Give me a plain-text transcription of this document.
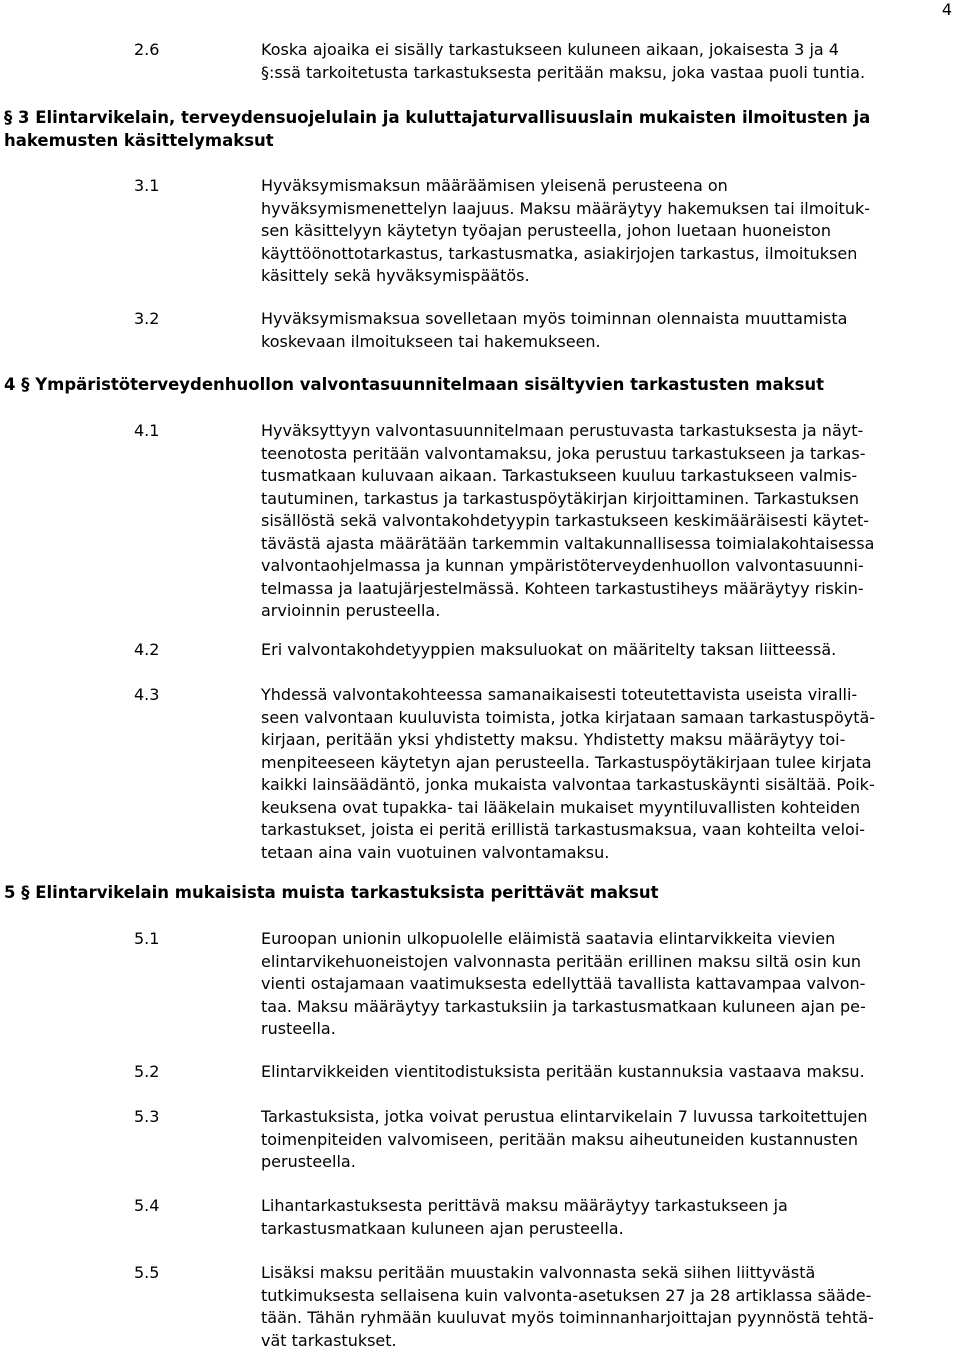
4
2.6	Koska ajoaika ei sisälly tarkastukseen kuluneen aikaan, jokaisesta 3 ja 4
§:ssä tarkoitetusta tarkastuksesta peritään maksu, joka vastaa puoli tuntia.
§ 3 Elintarvikelain, terveydensuojelulain ja kuluttajaturvallisuuslain mukaisten ilmoitusten ja
hakemusten käsittelymaksut
3.1	Hyväksymismaksun määräämisen yleisenä perusteena on
hyväksymismenettelyn laajuus. Maksu määräytyy hakemuksen tai ilmoituk-
sen käsittelyyn käytetyn työajan perusteella, johon luetaan huoneiston
käyttöönottotarkastus, tarkastusmatka, asiakirjojen tarkastus, ilmoituksen
käsittely sekä hyväksymispäätös.
3.2	Hyväksymismaksua sovelletaan myös toiminnan olennaista muuttamista
koskevaan ilmoitukseen tai hakemukseen.
4 § Ympäristöterveydenhuollon valvontasuunnitelmaan sisältyvien tarkastusten maksut
4.1	Hyväksyttyyn valvontasuunnitelmaan perustuvasta tarkastuksesta ja näyt-
teenotosta peritään valvontamaksu, joka perustuu tarkastukseen ja tarkas-
tusmatkaan kuluvaan aikaan. Tarkastukseen kuuluu tarkastukseen valmis-
tautuminen, tarkastus ja tarkastuspöytäkirjan kirjoittaminen. Tarkastuksen
sisällöstä sekä valvontakohdetyypin tarkastukseen keskimääräisesti käytet-
tävästä ajasta määrätään tarkemmin valtakunnallisessa toimialakohtaisessa
valvontaohjelmassa ja kunnan ympäristöterveydenhuollon valvontasuunni-
telmassa ja laatujärjestelmässä. Kohteen tarkastustiheys määräytyy riskin-
arvioinnin perusteella.
4.2	Eri valvontakohdetyyppien maksuluokat on määritelty taksan liitteessä.
4.3	Yhdessä valvontakohteessa samanaikaisesti toteutettavista useista viralli-
seen valvontaan kuuluvista toimista, jotka kirjataan samaan tarkastuspöytä-
kirjaan, peritään yksi yhdistetty maksu. Yhdistetty maksu määräytyy toi-
menpiteeseen käytetyn ajan perusteella. Tarkastuspöytäkirjaan tulee kirjata
kaikki lainsäädäntö, jonka mukaista valvontaa tarkastuskäynti sisältää. Poik-
keuksena ovat tupakka- tai lääkelain mukaiset myyntiluvallisten kohteiden
tarkastukset, joista ei peritä erillistä tarkastusmaksua, vaan kohteilta veloi-
tetaan aina vain vuotuinen valvontamaksu.
5 § Elintarvikelain mukaisista muista tarkastuksista perittävät maksut
5.1	Euroopan unionin ulkopuolelle eläimistä saatavia elintarvikkeita vievien
elintarvikehuoneistojen valvonnasta peritään erillinen maksu siltä osin kun
vienti ostajamaan vaatimuksesta edellyttää tavallista kattavampaa valvon-
taa. Maksu määräytyy tarkastuksiin ja tarkastusmatkaan kuluneen ajan pe-
rusteella.
5.2	Elintarvikkeiden vientitodistuksista peritään kustannuksia vastaava maksu.
5.3	Tarkastuksista, jotka voivat perustua elintarvikelain 7 luvussa tarkoitettujen
toimenpiteiden valvomiseen, peritään maksu aiheutuneiden kustannusten
perusteella.
5.4	Lihantarkastuksesta perittävä maksu määräytyy tarkastukseen ja
tarkastusmatkaan kuluneen ajan perusteella.
5.5	Lisäksi maksu peritään muustakin valvonnasta sekä siihen liittyvästä
tutkimuksesta sellaisena kuin valvonta-asetuksen 27 ja 28 artiklassa sääde-
tään. Tähän ryhmään kuuluvat myös toiminnanharjoittajan pyynnöstä tehtä-
vät tarkastukset.
